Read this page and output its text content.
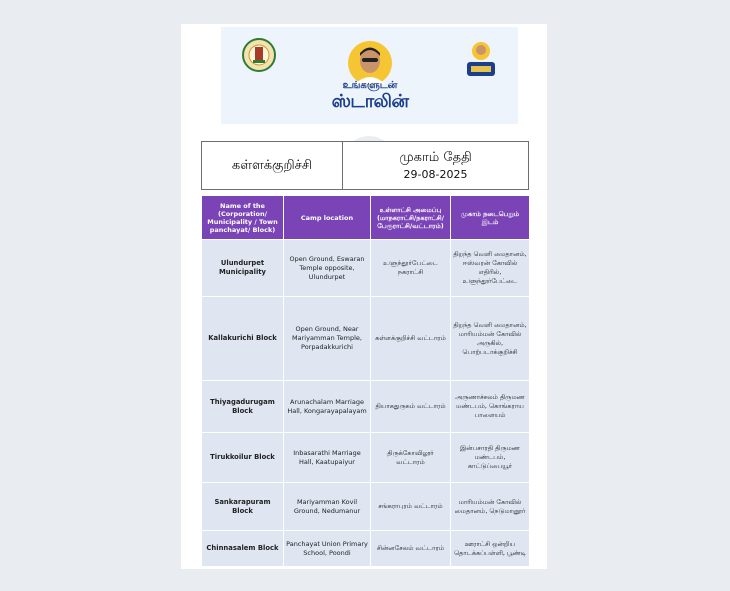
உங்களுடன்
ஸ்டாலின்
கள்ளக்குறிச்சி	முகாம் தேதி
29-08-2025
Name of the (Corporation/ Municipality / Town panchayat/ Block)	Camp location	உள்ளாட்சி அமைப்பு (மாநகராட்சி/நகராட்சி/ பேரூராட்சி/வட்டாரம்)	முகாம் நடைபெறும் இடம்
Ulundurpet Municipality	Open Ground, Eswaran Temple opposite, Ulundurpet	உளுந்தூர்பேட்டை நகராட்சி	திறந்த வெளி மைதானம், ஈஸ்வரன் கோவில் எதிரில், உளுந்தூர்பேட்டை
Kallakurichi Block	Open Ground, Near Mariyamman Temple, Porpadakkurichi	கள்ளக்குறிச்சி வட்டாரம்	திறந்த வெளி மைதானம், மாரியம்மன் கோவில் அருகில், பொற்படாக்குறிச்சி
Thiyagadurugam Block	Arunachalam Marriage Hall, Kongarayapalayam	தியாகதுருகம் வட்டாரம்	அருணாச்சலம் திருமண மண்டபம், கொங்கராய பாளையம்
Tirukkoilur Block	Inbasarathi Marriage Hall, Kaatupaiyur	திருக்கோவிலூர் வட்டாரம்	இன்பசாரதி திருமண மண்டபம், காட்டுப்பையூர்
Sankarapuram Block	Mariyamman Kovil Ground, Nedumanur	சங்கராபுரம் வட்டாரம்	மாரியம்மன் கோவில் மைதானம், நெடுமானூர்
Chinnasalem Block	Panchayat Union Primary School, Poondi	சின்னசேலம் வட்டாரம்	ஊராட்சி ஒன்றிய தொடக்கப்பள்ளி, பூண்டி
